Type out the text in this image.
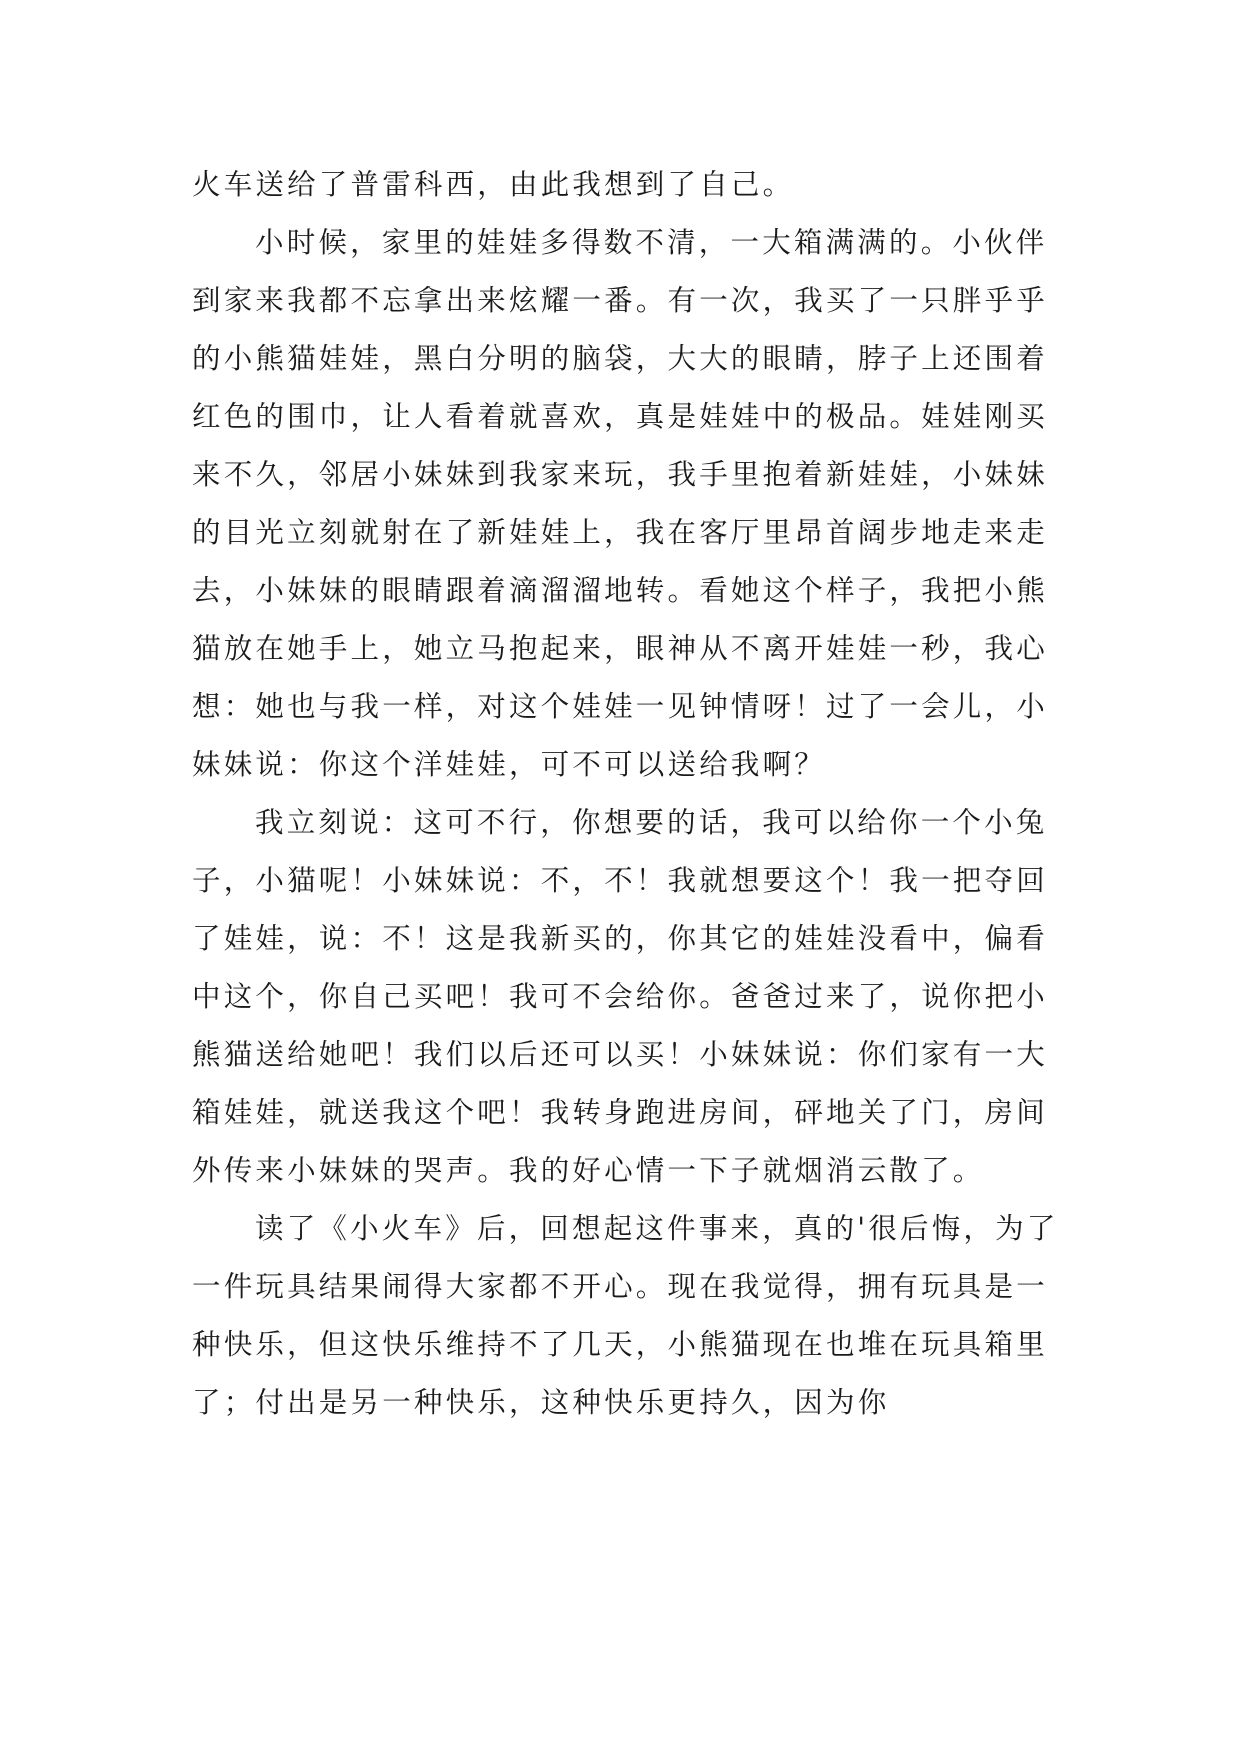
火车送给了普雷科西，由此我想到了自己。

小时候，家里的娃娃多得数不清，一大箱满满的。小伙伴到家来我都不忘拿出来炫耀一番。有一次，我买了一只胖乎乎的小熊猫娃娃，黑白分明的脑袋，大大的眼睛，脖子上还围着红色的围巾，让人看着就喜欢，真是娃娃中的极品。娃娃刚买来不久，邻居小妹妹到我家来玩，我手里抱着新娃娃，小妹妹的目光立刻就射在了新娃娃上，我在客厅里昂首阔步地走来走去，小妹妹的眼睛跟着滴溜溜地转。看她这个样子，我把小熊猫放在她手上，她立马抱起来，眼神从不离开娃娃一秒，我心想：她也与我一样，对这个娃娃一见钟情呀！过了一会儿，小妹妹说：你这个洋娃娃，可不可以送给我啊？

我立刻说：这可不行，你想要的话，我可以给你一个小兔子，小猫呢！小妹妹说：不，不！我就想要这个！我一把夺回了娃娃，说：不！这是我新买的，你其它的娃娃没看中，偏看中这个，你自己买吧！我可不会给你。爸爸过来了，说你把小熊猫送给她吧！我们以后还可以买！小妹妹说：你们家有一大箱娃娃，就送我这个吧！我转身跑进房间，砰地关了门，房间外传来小妹妹的哭声。我的好心情一下子就烟消云散了。

读了《小火车》后，回想起这件事来，真的'很后悔，为了一件玩具结果闹得大家都不开心。现在我觉得，拥有玩具是一种快乐，但这快乐维持不了几天，小熊猫现在也堆在玩具箱里了；付出是另一种快乐，这种快乐更持久，因为你
